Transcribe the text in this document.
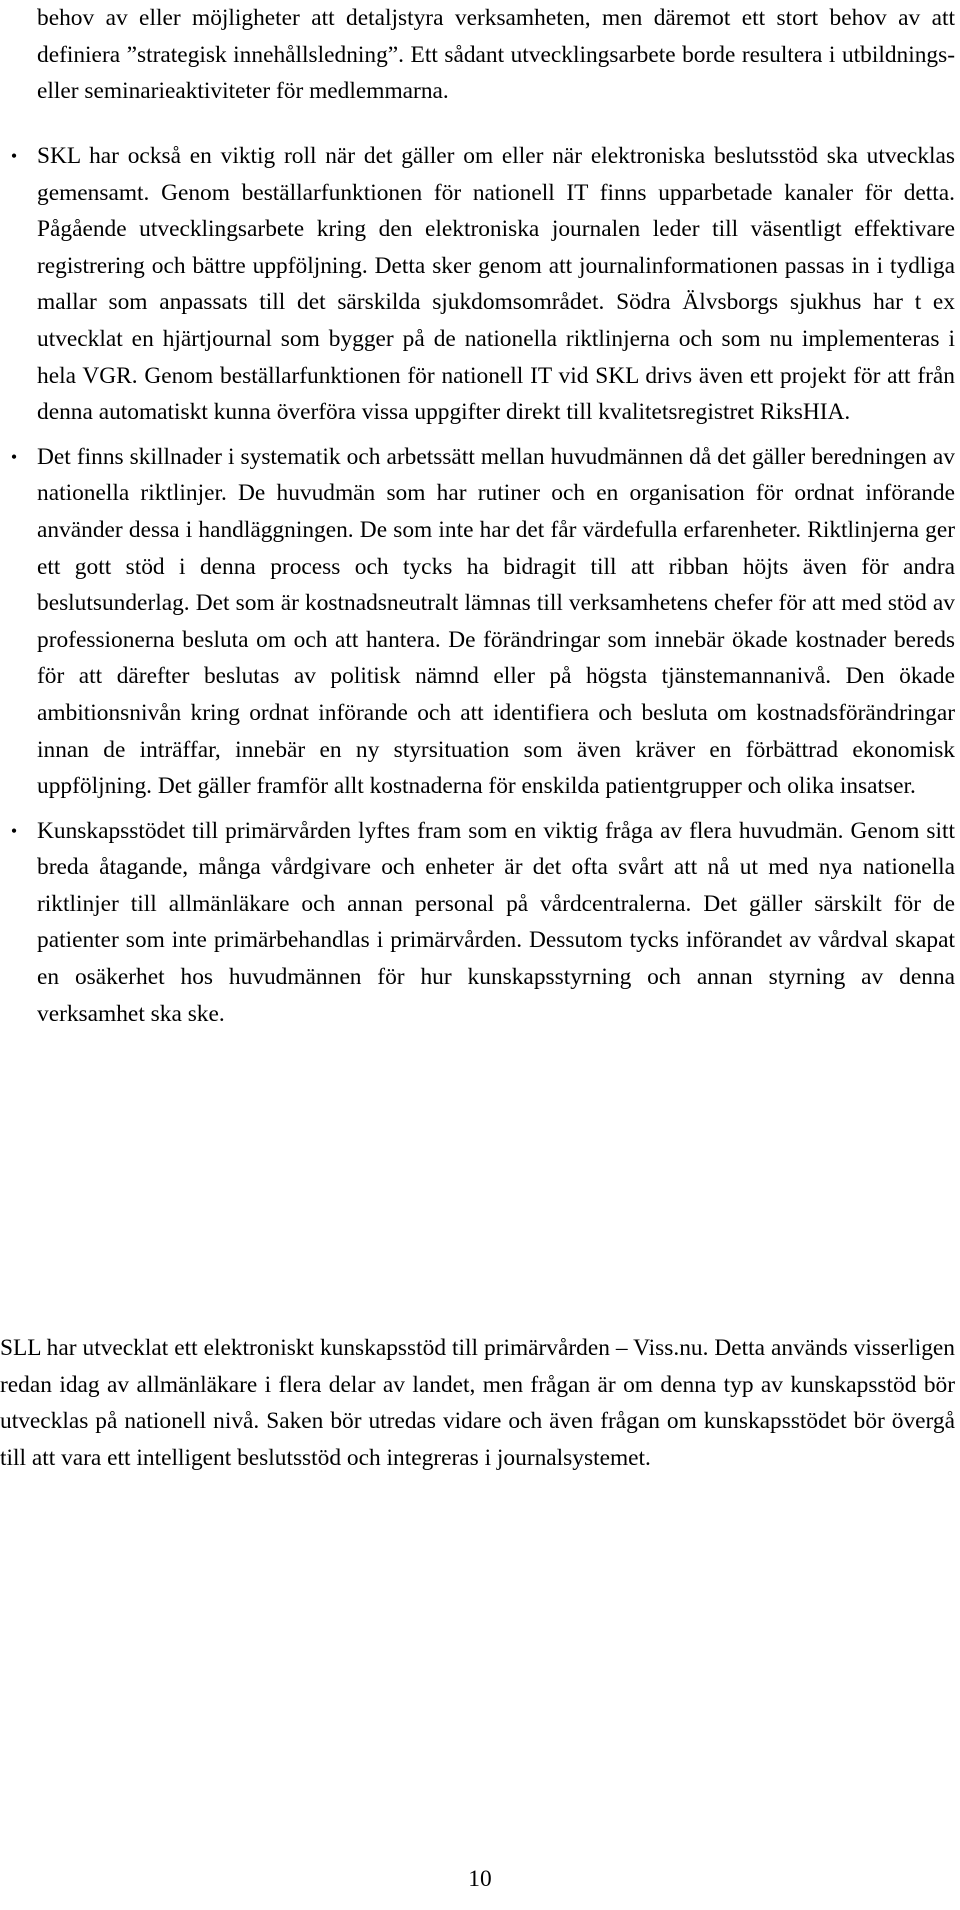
behov av eller möjligheter att detaljstyra verksamheten, men däremot ett stort behov av att definiera ”strategisk innehållsledning”. Ett sådant utvecklingsarbete borde resultera i utbildnings- eller seminarieaktiviteter för medlemmarna.

• SKL har också en viktig roll när det gäller om eller när elektroniska beslutsstöd ska utvecklas gemensamt. Genom beställarfunktionen för nationell IT finns upparbetade kanaler för detta. Pågående utvecklingsarbete kring den elektroniska journalen leder till väsentligt effektivare registrering och bättre uppföljning. Detta sker genom att journalinformationen passas in i tydliga mallar som anpassats till det särskilda sjukdomsområdet. Södra Älvsborgs sjukhus har t ex utvecklat en hjärtjournal som bygger på de nationella riktlinjerna och som nu implementeras i hela VGR. Genom beställarfunktionen för nationell IT vid SKL drivs även ett projekt för att från denna automatiskt kunna överföra vissa uppgifter direkt till kvalitetsregistret RiksHIA.
• Det finns skillnader i systematik och arbetssätt mellan huvudmännen då det gäller beredningen av nationella riktlinjer. De huvudmän som har rutiner och en organisation för ordnat införande använder dessa i handläggningen. De som inte har det får värdefulla erfarenheter. Riktlinjerna ger ett gott stöd i denna process och tycks ha bidragit till att ribban höjts även för andra beslutsunderlag. Det som är kostnadsneutralt lämnas till verksamhetens chefer för att med stöd av professionerna besluta om och att hantera. De förändringar som innebär ökade kostnader bereds för att därefter beslutas av politisk nämnd eller på högsta tjänstemannanivå. Den ökade ambitionsnivån kring ordnat införande och att identifiera och besluta om kostnadsförändringar innan de inträffar, innebär en ny styrsituation som även kräver en förbättrad ekonomisk uppföljning. Det gäller framför allt kostnaderna för enskilda patientgrupper och olika insatser.
• Kunskapsstödet till primärvården lyftes fram som en viktig fråga av flera huvudmän. Genom sitt breda åtagande, många vårdgivare och enheter är det ofta svårt att nå ut med nya nationella riktlinjer till allmänläkare och annan personal på vårdcentralerna. Det gäller särskilt för de patienter som inte primärbehandlas i primärvården. Dessutom tycks införandet av vårdval skapat en osäkerhet hos huvudmännen för hur kunskapsstyrning och annan styrning av denna verksamhet ska ske.

SLL har utvecklat ett elektroniskt kunskapsstöd till primärvården – Viss.nu. Detta används visserligen redan idag av allmänläkare i flera delar av landet, men frågan är om denna typ av kunskapsstöd bör utvecklas på nationell nivå. Saken bör utredas vidare och även frågan om kunskapsstödet bör övergå till att vara ett intelligent beslutsstöd och integreras i journalsystemet.

10
